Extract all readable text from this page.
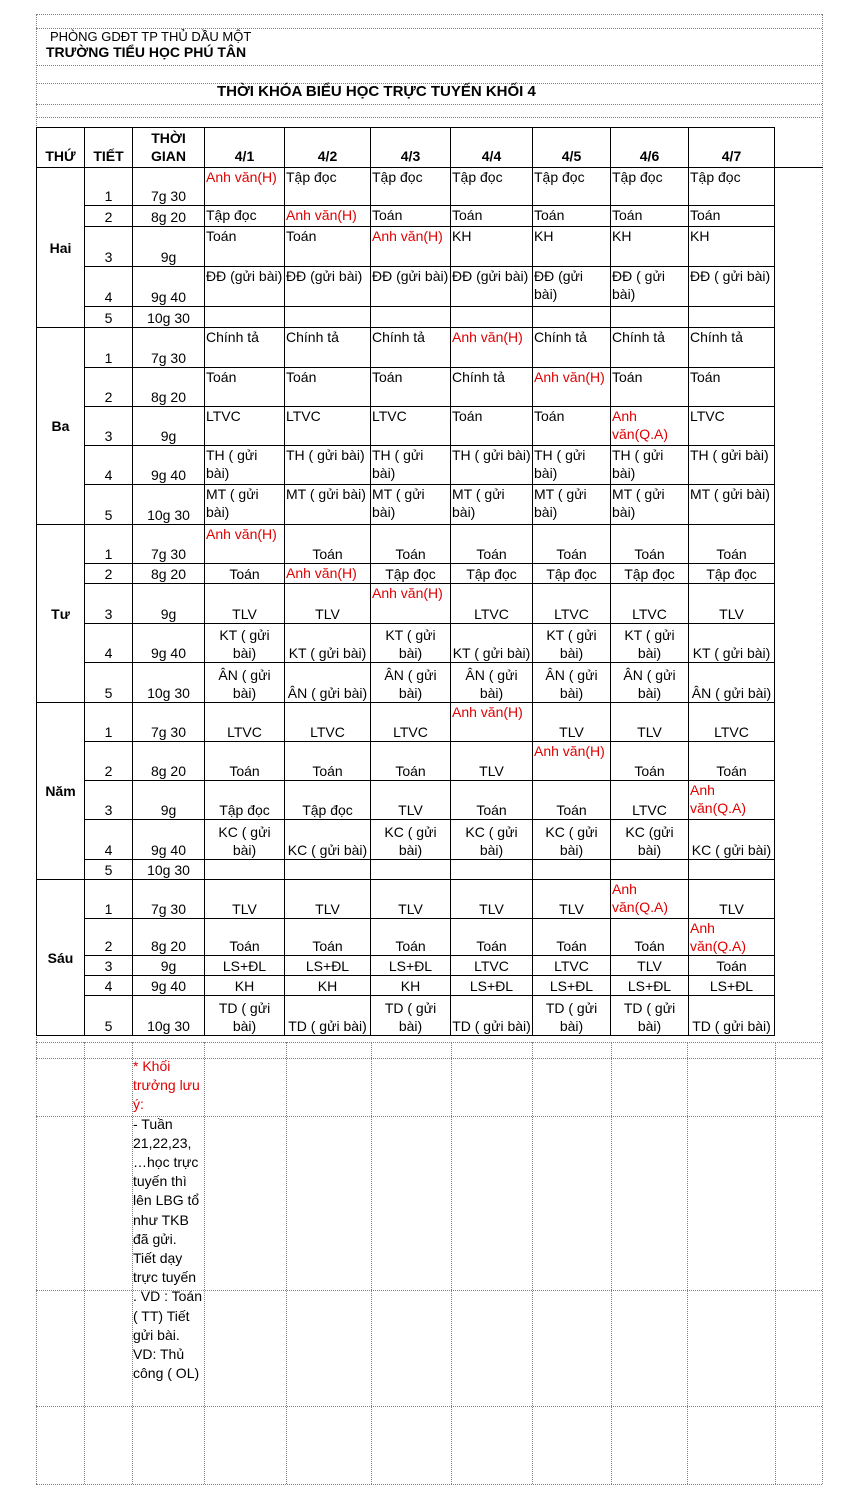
PHÒNG GDĐT TP THỦ DẦU MỘT
TRƯỜNG TIỂU HỌC PHÚ TÂN
THỜI KHÓA BIỂU HỌC TRỰC TUYẾN KHỐI 4
THỨ	TIẾT	THỜI GIAN	4/1	4/2	4/3	4/4	4/5	4/6	4/7	
Hai	1	7g 30	Anh văn(H)	Tập đọc	Tập đọc	Tập đọc	Tập đọc	Tập đọc	Tập đọc	
	2	8g 20	Tập đọc	Anh văn(H)	Toán	Toán	Toán	Toán	Toán	
	3	9g	Toán	Toán	Anh văn(H)	KH	KH	KH	KH	
	4	9g 40	ĐĐ (gửi bài)	ĐĐ (gửi bài)	ĐĐ (gửi bài)	ĐĐ (gửi bài)	ĐĐ (gửi bài)	ĐĐ ( gửi bài)	ĐĐ ( gửi bài)	
	5	10g 30								
Ba	1	7g 30	Chính tả	Chính tả	Chính tả	Anh văn(H)	Chính tả	Chính tả	Chính tả	
	2	8g 20	Toán	Toán	Toán	Chính tả	Anh văn(H)	Toán	Toán	
	3	9g	LTVC	LTVC	LTVC	Toán	Toán	Anh văn(Q.A)	LTVC	
	4	9g 40	TH ( gửi bài)	TH ( gửi bài)	TH ( gửi bài)	TH ( gửi bài)	TH ( gửi bài)	TH ( gửi bài)	TH ( gửi bài)	
	5	10g 30	MT ( gửi bài)	MT ( gửi bài)	MT ( gửi bài)	MT ( gửi bài)	MT ( gửi bài)	MT ( gửi bài)	MT ( gửi bài)	
Tư	1	7g 30	Anh văn(H)	Toán	Toán	Toán	Toán	Toán	Toán	
	2	8g 20	Toán	Anh văn(H)	Tập đọc	Tập đọc	Tập đọc	Tập đọc	Tập đọc	
	3	9g	TLV	TLV	Anh văn(H)	LTVC	LTVC	LTVC	TLV	
	4	9g 40	KT ( gửi bài)	KT ( gửi bài)	KT ( gửi bài)	KT ( gửi bài)	KT ( gửi bài)	KT ( gửi bài)	KT ( gửi bài)	
	5	10g 30	ÂN ( gửi bài)	ÂN ( gửi bài)	ÂN ( gửi bài)	ÂN ( gửi bài)	ÂN ( gửi bài)	ÂN ( gửi bài)	ÂN ( gửi bài)	
Năm	1	7g 30	LTVC	LTVC	LTVC	Anh văn(H)	TLV	TLV	LTVC	
	2	8g 20	Toán	Toán	Toán	TLV	Anh văn(H)	Toán	Toán	
	3	9g	Tập đọc	Tập đọc	TLV	Toán	Toán	LTVC	Anh văn(Q.A)	
	4	9g 40	KC ( gửi bài)	KC ( gửi bài)	KC ( gửi bài)	KC ( gửi bài)	KC ( gửi bài)	KC (gửi bài)	KC ( gửi bài)	
	5	10g 30								
Sáu	1	7g 30	TLV	TLV	TLV	TLV	TLV	Anh văn(Q.A)	TLV	
	2	8g 20	Toán	Toán	Toán	Toán	Toán	Toán	Anh văn(Q.A)	
	3	9g	LS+ĐL	LS+ĐL	LS+ĐL	LTVC	LTVC	TLV	Toán	
	4	9g 40	KH	KH	KH	LS+ĐL	LS+ĐL	LS+ĐL	LS+ĐL	
	5	10g 30	TD ( gửi bài)	TD ( gửi bài)	TD ( gửi bài)	TD ( gửi bài)	TD ( gửi bài)	TD ( gửi bài)	TD ( gửi bài)	
* Khối trưởng lưu ý:
- Tuần 21,22,23, …học trực tuyến thì lên LBG tổ như TKB đã gửi. Tiết dạy trực tuyến . VD : Toán ( TT) Tiết gửi bài. VD: Thủ công ( OL)
